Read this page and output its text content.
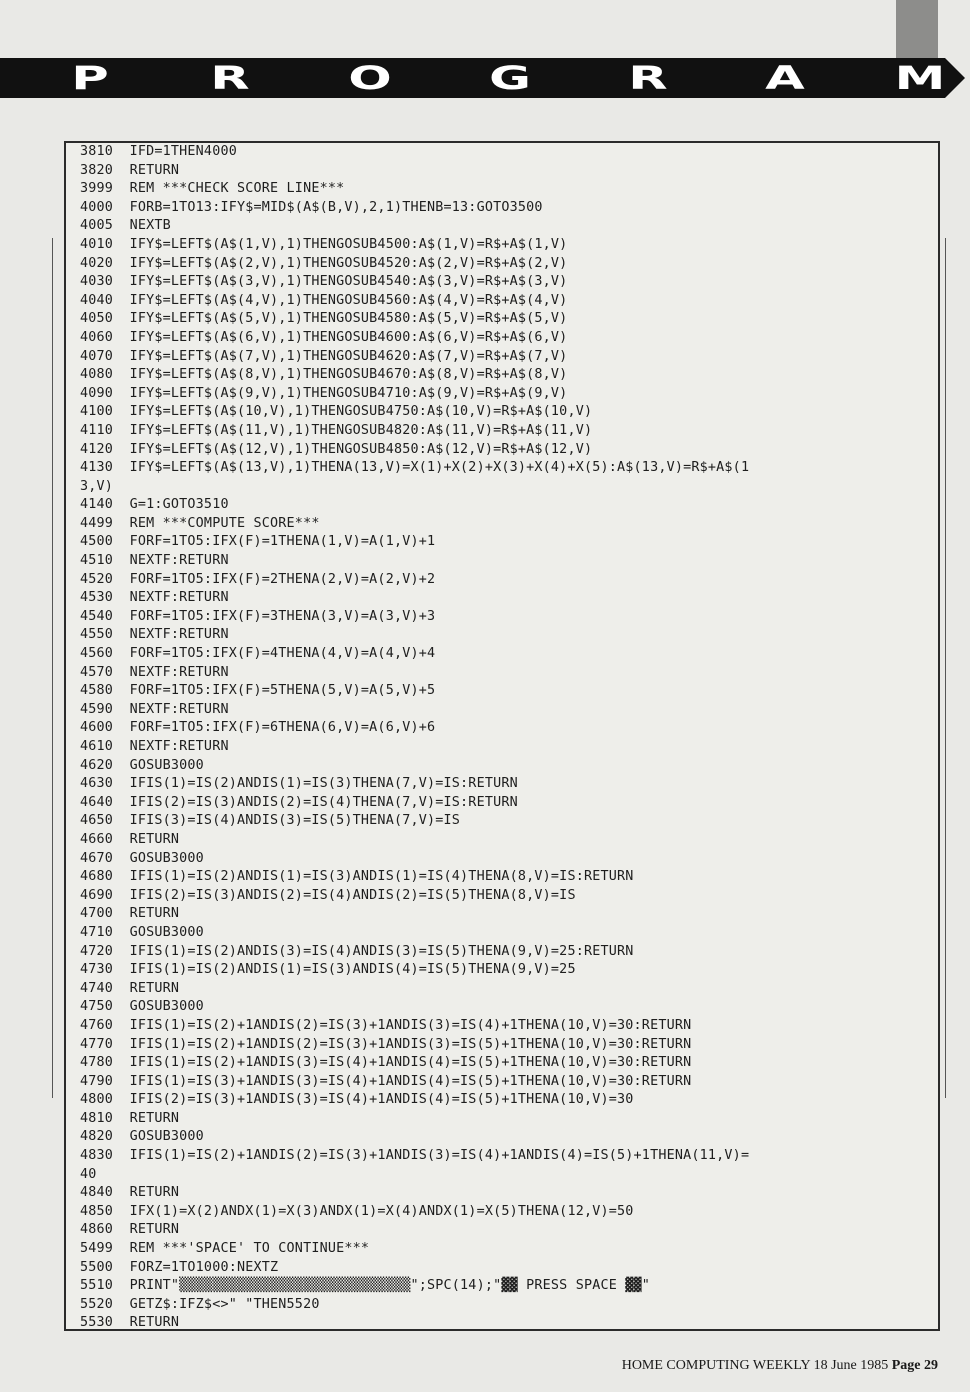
P	R	O	G	R	A	M
3810  IFD=1THEN4000
3820  RETURN
3999  REM ***CHECK SCORE LINE***
4000  FORB=1TO13:IFY$=MID$(A$(B,V),2,1)THENB=13:GOTO3500
4005  NEXTB
4010  IFY$=LEFT$(A$(1,V),1)THENGOSUB4500:A$(1,V)=R$+A$(1,V)
4020  IFY$=LEFT$(A$(2,V),1)THENGOSUB4520:A$(2,V)=R$+A$(2,V)
4030  IFY$=LEFT$(A$(3,V),1)THENGOSUB4540:A$(3,V)=R$+A$(3,V)
4040  IFY$=LEFT$(A$(4,V),1)THENGOSUB4560:A$(4,V)=R$+A$(4,V)
4050  IFY$=LEFT$(A$(5,V),1)THENGOSUB4580:A$(5,V)=R$+A$(5,V)
4060  IFY$=LEFT$(A$(6,V),1)THENGOSUB4600:A$(6,V)=R$+A$(6,V)
4070  IFY$=LEFT$(A$(7,V),1)THENGOSUB4620:A$(7,V)=R$+A$(7,V)
4080  IFY$=LEFT$(A$(8,V),1)THENGOSUB4670:A$(8,V)=R$+A$(8,V)
4090  IFY$=LEFT$(A$(9,V),1)THENGOSUB4710:A$(9,V)=R$+A$(9,V)
4100  IFY$=LEFT$(A$(10,V),1)THENGOSUB4750:A$(10,V)=R$+A$(10,V)
4110  IFY$=LEFT$(A$(11,V),1)THENGOSUB4820:A$(11,V)=R$+A$(11,V)
4120  IFY$=LEFT$(A$(12,V),1)THENGOSUB4850:A$(12,V)=R$+A$(12,V)
4130  IFY$=LEFT$(A$(13,V),1)THENA(13,V)=X(1)+X(2)+X(3)+X(4)+X(5):A$(13,V)=R$+A$(1
3,V)
4140  G=1:GOTO3510
4499  REM ***COMPUTE SCORE***
4500  FORF=1TO5:IFX(F)=1THENA(1,V)=A(1,V)+1
4510  NEXTF:RETURN
4520  FORF=1TO5:IFX(F)=2THENA(2,V)=A(2,V)+2
4530  NEXTF:RETURN
4540  FORF=1TO5:IFX(F)=3THENA(3,V)=A(3,V)+3
4550  NEXTF:RETURN
4560  FORF=1TO5:IFX(F)=4THENA(4,V)=A(4,V)+4
4570  NEXTF:RETURN
4580  FORF=1TO5:IFX(F)=5THENA(5,V)=A(5,V)+5
4590  NEXTF:RETURN
4600  FORF=1TO5:IFX(F)=6THENA(6,V)=A(6,V)+6
4610  NEXTF:RETURN
4620  GOSUB3000
4630  IFIS(1)=IS(2)ANDIS(1)=IS(3)THENA(7,V)=IS:RETURN
4640  IFIS(2)=IS(3)ANDIS(2)=IS(4)THENA(7,V)=IS:RETURN
4650  IFIS(3)=IS(4)ANDIS(3)=IS(5)THENA(7,V)=IS
4660  RETURN
4670  GOSUB3000
4680  IFIS(1)=IS(2)ANDIS(1)=IS(3)ANDIS(1)=IS(4)THENA(8,V)=IS:RETURN
4690  IFIS(2)=IS(3)ANDIS(2)=IS(4)ANDIS(2)=IS(5)THENA(8,V)=IS
4700  RETURN
4710  GOSUB3000
4720  IFIS(1)=IS(2)ANDIS(3)=IS(4)ANDIS(3)=IS(5)THENA(9,V)=25:RETURN
4730  IFIS(1)=IS(2)ANDIS(1)=IS(3)ANDIS(4)=IS(5)THENA(9,V)=25
4740  RETURN
4750  GOSUB3000
4760  IFIS(1)=IS(2)+1ANDIS(2)=IS(3)+1ANDIS(3)=IS(4)+1THENA(10,V)=30:RETURN
4770  IFIS(1)=IS(2)+1ANDIS(2)=IS(3)+1ANDIS(3)=IS(5)+1THENA(10,V)=30:RETURN
4780  IFIS(1)=IS(2)+1ANDIS(3)=IS(4)+1ANDIS(4)=IS(5)+1THENA(10,V)=30:RETURN
4790  IFIS(1)=IS(3)+1ANDIS(3)=IS(4)+1ANDIS(4)=IS(5)+1THENA(10,V)=30:RETURN
4800  IFIS(2)=IS(3)+1ANDIS(3)=IS(4)+1ANDIS(4)=IS(5)+1THENA(10,V)=30
4810  RETURN
4820  GOSUB3000
4830  IFIS(1)=IS(2)+1ANDIS(2)=IS(3)+1ANDIS(3)=IS(4)+1ANDIS(4)=IS(5)+1THENA(11,V)=
40
4840  RETURN
4850  IFX(1)=X(2)ANDX(1)=X(3)ANDX(1)=X(4)ANDX(1)=X(5)THENA(12,V)=50
4860  RETURN
5499  REM ***'SPACE' TO CONTINUE***
5500  FORZ=1TO1000:NEXTZ
5510  PRINT"▒▒▒▒▒▒▒▒▒▒▒▒▒▒▒▒▒▒▒▒▒▒▒▒▒▒▒▒";SPC(14);"▓▓ PRESS SPACE ▓▓"
5520  GETZ$:IFZ$<>" "THEN5520
5530  RETURN
HOME COMPUTING WEEKLY 18 June 1985 Page 29
